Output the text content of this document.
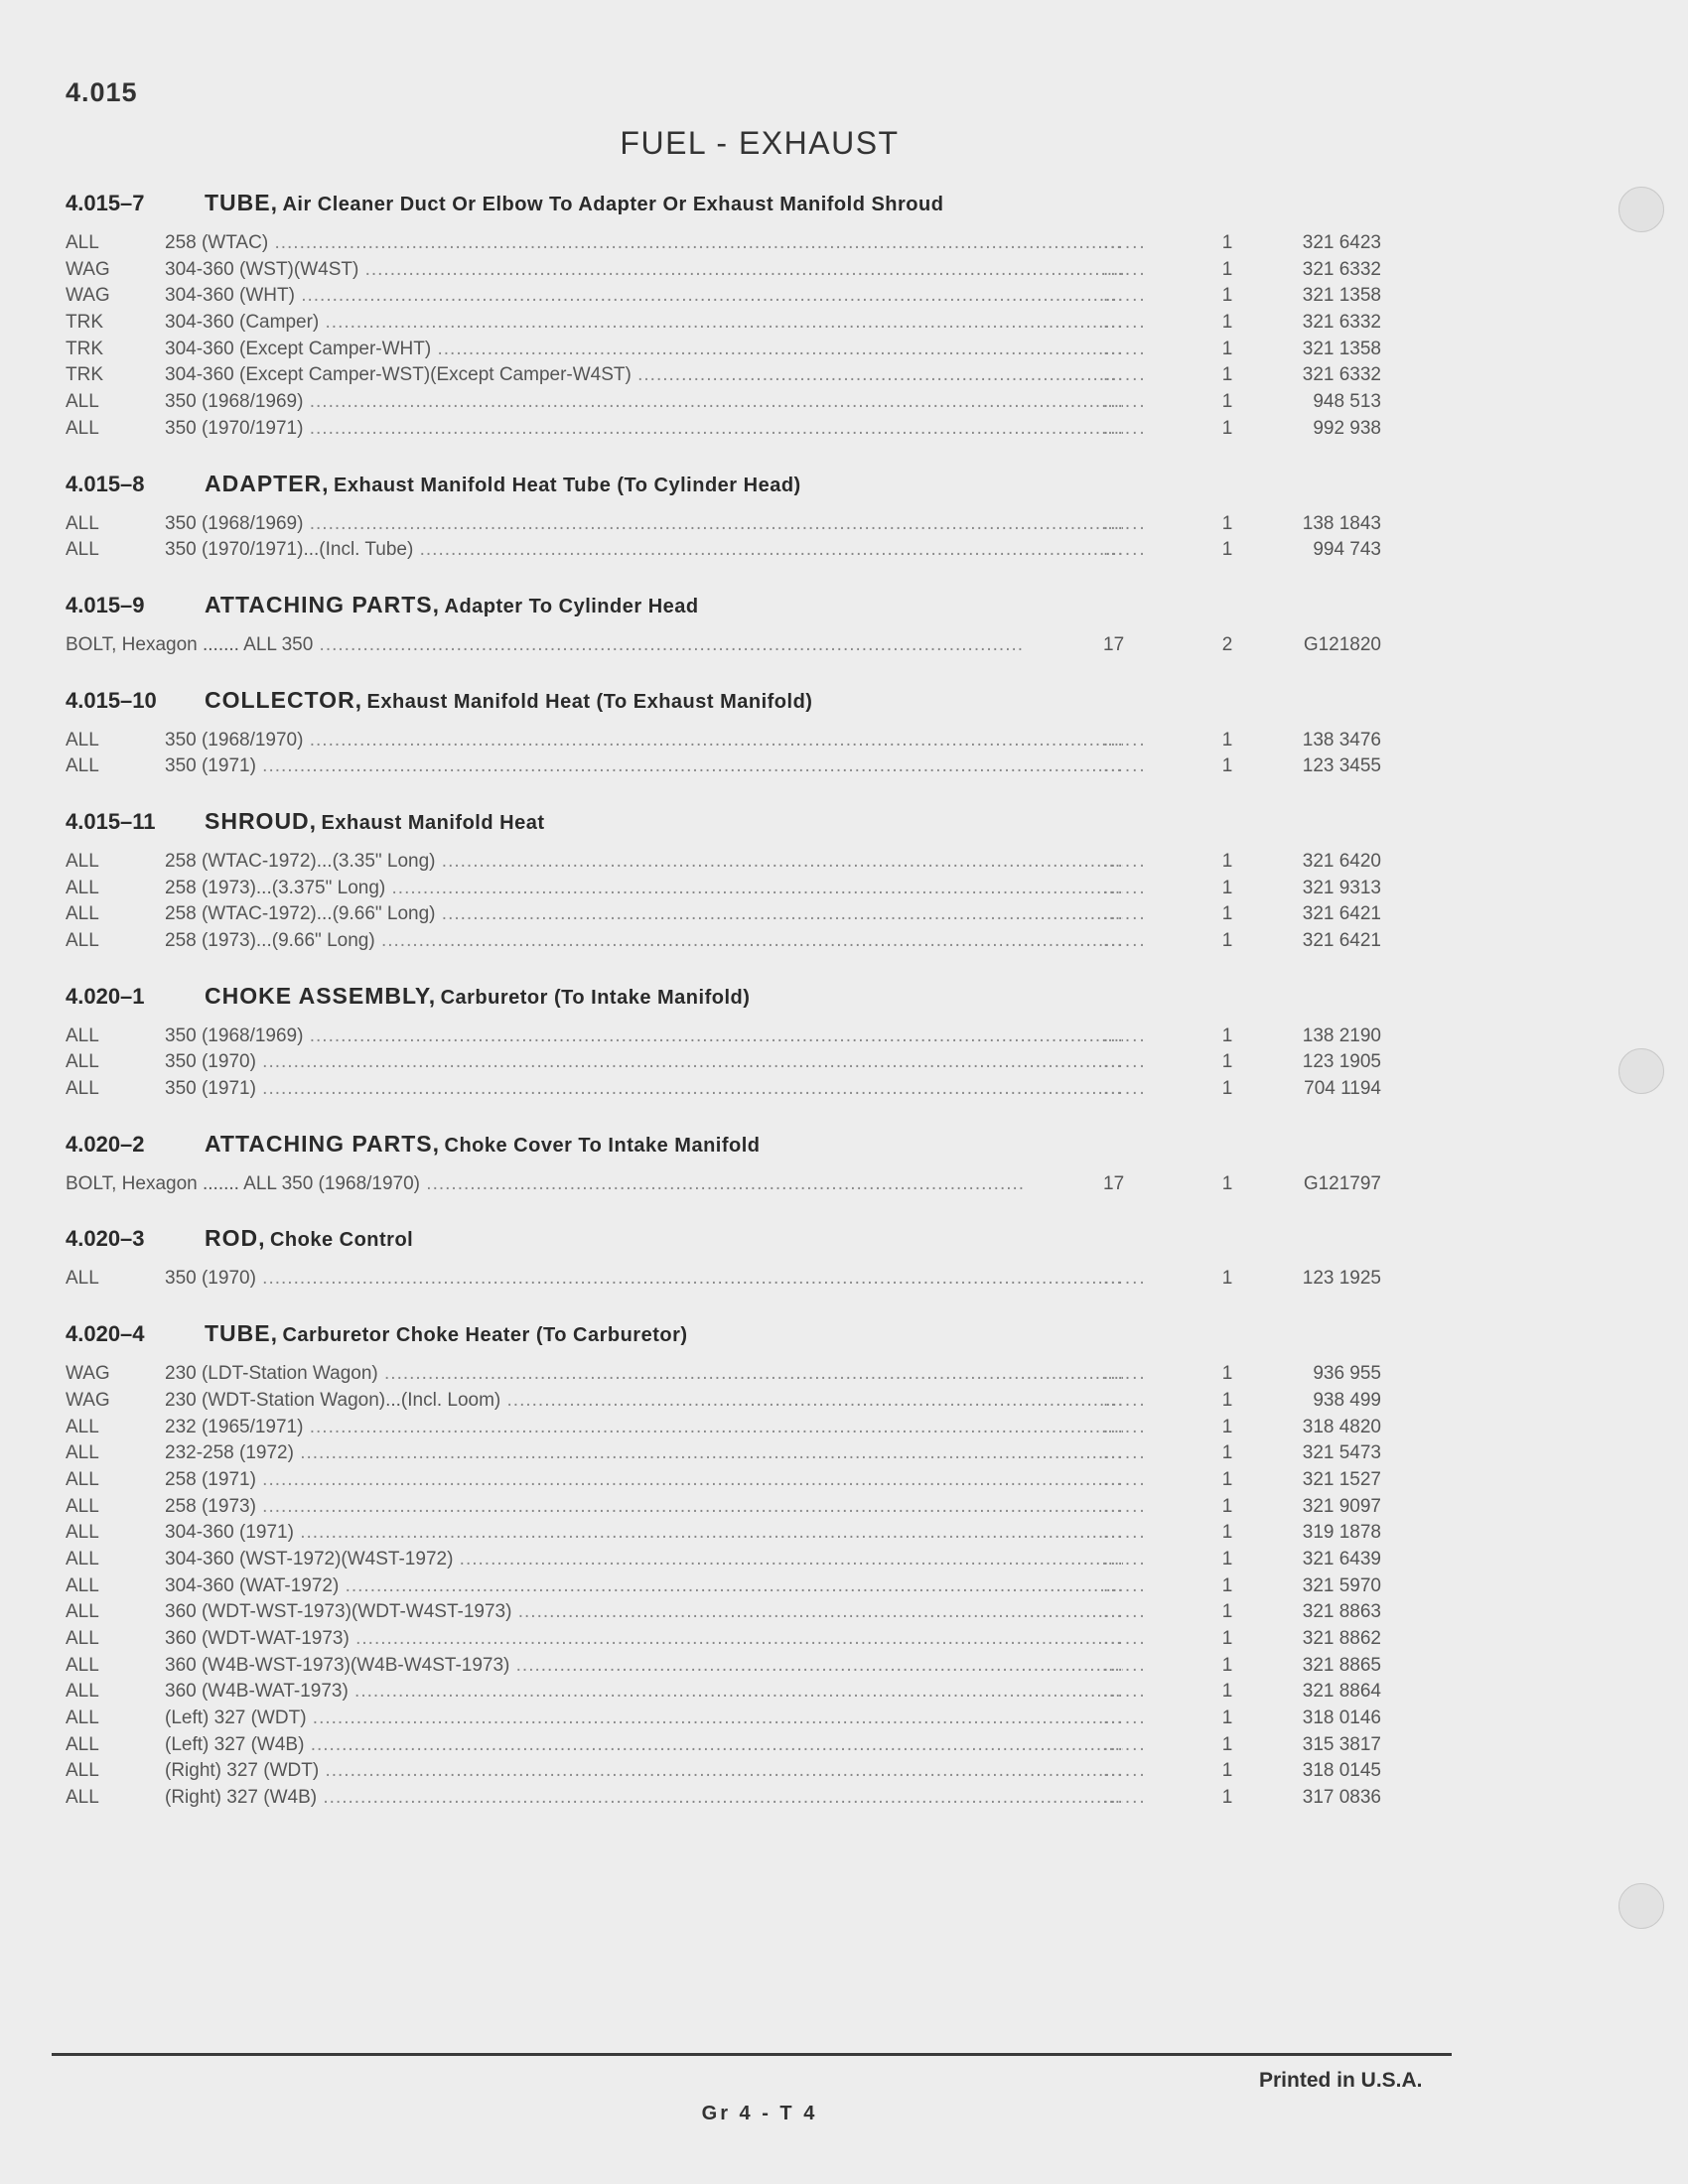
4.015
FUEL - EXHAUST
4.015–7	TUBE, Air Cleaner Duct Or Elbow To Adapter Or Exhaust Manifold Shroud
ALL	258 (WTAC) .....	......	1	321 6423
WAG	304-360 (WST)(W4ST) .....	......	1	321 6332
WAG	304-360 (WHT) .....	......	1	321 1358
TRK	304-360 (Camper) .....	......	1	321 6332
TRK	304-360 (Except Camper-WHT) .....	......	1	321 1358
TRK	304-360 (Except Camper-WST)(Except Camper-W4ST) .....	......	1	321 6332
ALL	350 (1968/1969) .....	......	1	948 513
ALL	350 (1970/1971) .....	......	1	992 938
4.015–8	ADAPTER, Exhaust Manifold Heat Tube (To Cylinder Head)
ALL	350 (1968/1969) .....	......	1	138 1843
ALL	350 (1970/1971)...(Incl. Tube) .....	......	1	994 743
4.015–9	ATTACHING PARTS, Adapter To Cylinder Head
BOLT, Hexagon ....... ALL 350 .....	17	2	G121820
4.015–10 COLLECTOR, Exhaust Manifold Heat (To Exhaust Manifold)
ALL	350 (1968/1970) .....	......	1	138 3476
ALL	350 (1971) .....	......	1	123 3455
4.015–11 SHROUD, Exhaust Manifold Heat
ALL	258 (WTAC-1972)...(3.35" Long) .....	......	1	321 6420
ALL	258 (1973)...(3.375" Long) .....	......	1	321 9313
ALL	258 (WTAC-1972)...(9.66" Long) .....	......	1	321 6421
ALL	258 (1973)...(9.66" Long) .....	......	1	321 6421
4.020–1	CHOKE ASSEMBLY, Carburetor (To Intake Manifold)
ALL	350 (1968/1969) .....	......	1	138 2190
ALL	350 (1970) .....	......	1	123 1905
ALL	350 (1971) .....	......	1	704 1194
4.020–2	ATTACHING PARTS, Choke Cover To Intake Manifold
BOLT, Hexagon ....... ALL 350 (1968/1970) .....	17	1	G121797
4.020–3	ROD, Choke Control
ALL	350 (1970) .....	......	1	123 1925
4.020–4	TUBE, Carburetor Choke Heater (To Carburetor)
WAG	230 (LDT-Station Wagon) .....	......	1	936 955
WAG	230 (WDT-Station Wagon)...(Incl. Loom) .....	......	1	938 499
ALL	232 (1965/1971) .....	......	1	318 4820
ALL	232-258 (1972) .....	......	1	321 5473
ALL	258 (1971) .....	......	1	321 1527
ALL	258 (1973) .....	......	1	321 9097
ALL	304-360 (1971) .....	......	1	319 1878
ALL	304-360 (WST-1972)(W4ST-1972) .....	......	1	321 6439
ALL	304-360 (WAT-1972) .....	......	1	321 5970
ALL	360 (WDT-WST-1973)(WDT-W4ST-1973) .....	......	1	321 8863
ALL	360 (WDT-WAT-1973) .....	......	1	321 8862
ALL	360 (W4B-WST-1973)(W4B-W4ST-1973) .....	......	1	321 8865
ALL	360 (W4B-WAT-1973) .....	......	1	321 8864
ALL	(Left) 327 (WDT) .....	......	1	318 0146
ALL	(Left) 327 (W4B) .....	......	1	315 3817
ALL	(Right) 327 (WDT) .....	......	1	318 0145
ALL	(Right) 327 (W4B) .....	......	1	317 0836
Printed in U.S.A.
Gr 4 - T 4
